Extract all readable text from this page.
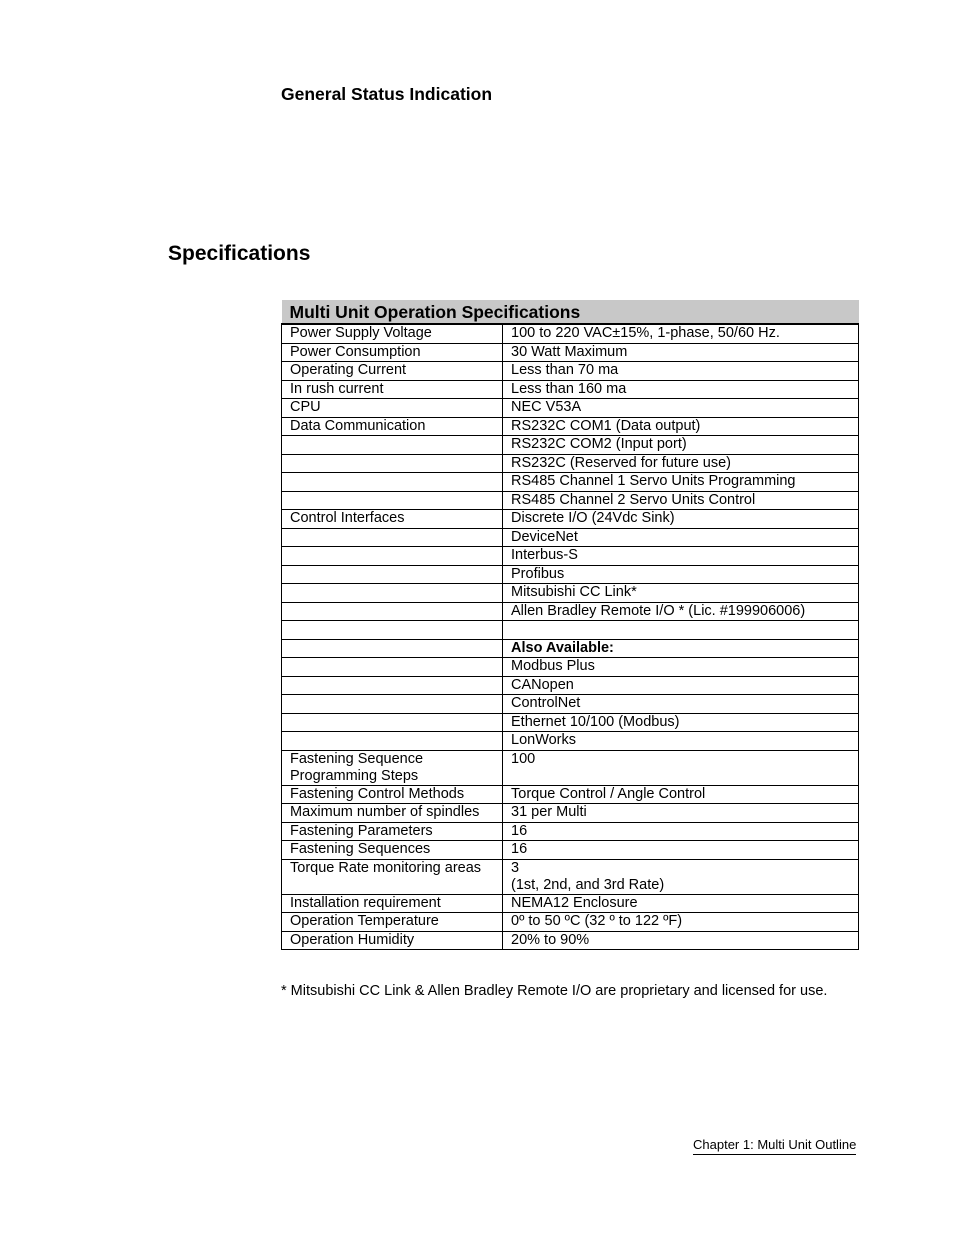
General Status Indication
Specifications
Multi Unit Operation Specifications	
Power Supply Voltage	100 to 220 VAC±15%, 1-phase, 50/60 Hz.
Power Consumption	30 Watt Maximum
Operating Current	Less than 70 ma
In rush current	Less than 160 ma
CPU	NEC V53A
Data Communication	RS232C COM1 (Data output)
	RS232C COM2 (Input port)
	RS232C (Reserved for future use)
	RS485 Channel 1 Servo Units Programming
	RS485 Channel 2 Servo Units Control
Control Interfaces	Discrete I/O (24Vdc Sink)
	DeviceNet
	Interbus-S
	Profibus
	Mitsubishi CC Link*
	Allen Bradley Remote I/O * (Lic. #199906006)

	Also Available:
	Modbus Plus
	CANopen
	ControlNet
	Ethernet 10/100 (Modbus)
	LonWorks
Fastening Sequence Programming Steps	100
Fastening Control Methods	Torque Control / Angle Control
Maximum number of spindles	31 per Multi
Fastening Parameters	16
Fastening Sequences	16
Torque Rate monitoring areas	3
(1st, 2nd, and 3rd Rate)

Installation requirement	NEMA12 Enclosure
Operation Temperature	0º to 50 ºC (32 º to 122 ºF)
Operation Humidity	20% to 90%

* Mitsubishi CC Link & Allen Bradley Remote I/O are proprietary and licensed for use.

Chapter 1: Multi Unit Outline
